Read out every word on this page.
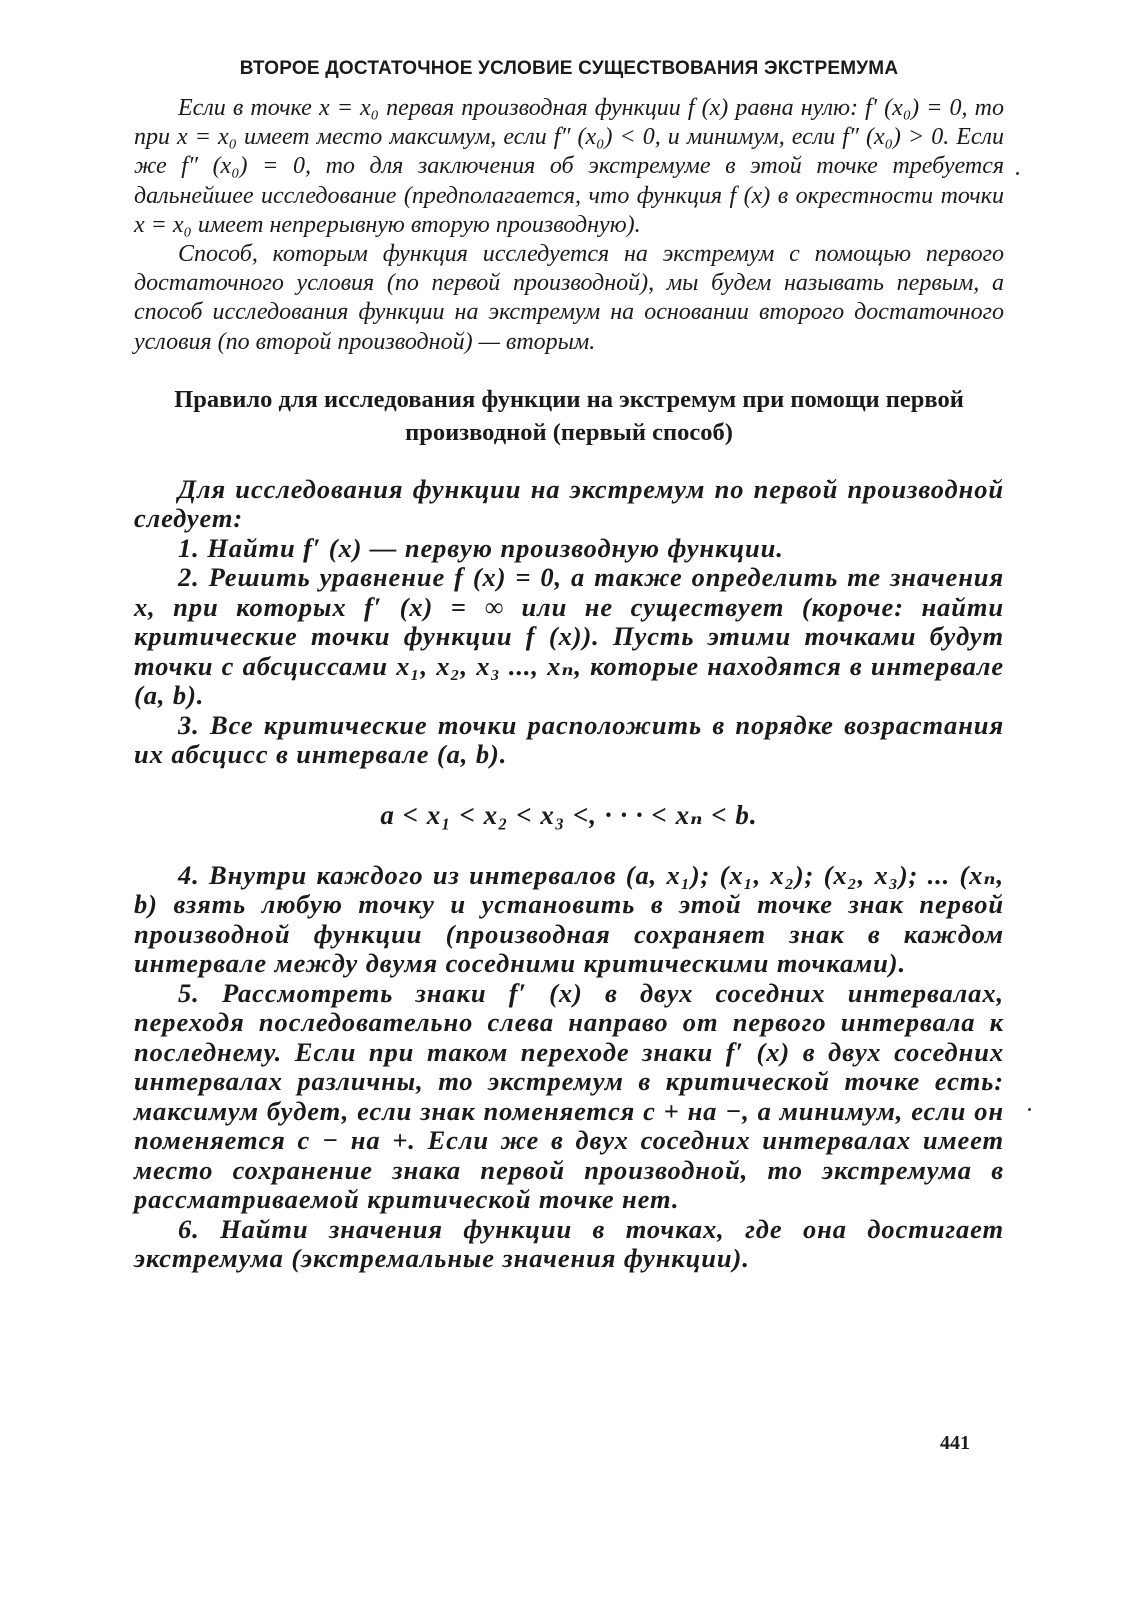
ВТОРОЕ ДОСТАТОЧНОЕ УСЛОВИЕ СУЩЕСТВОВАНИЯ ЭКСТРЕМУМА

Если в точке x = x₀ первая производная функции f (x) равна нулю: f′ (x₀) = 0, то при x = x₀ имеет место максимум, если f″ (x₀) < 0, и минимум, если f″ (x₀) > 0. Если же f″ (x₀) = 0, то для заключения об экстремуме в этой точке требуется дальнейшее исследование (предполагается, что функция f (x) в окрестности точки x = x₀ имеет непрерывную вторую производную).

Способ, которым функция исследуется на экстремум с помощью первого достаточного условия (по первой производной), мы будем называть первым, а способ исследования функции на экстремум на основании второго достаточного условия (по второй производной) — вторым.

Правило для исследования функции на экстремум при помощи первой производной (первый способ)

Для исследования функции на экстремум по первой производной следует:

1. Найти f′ (x) — первую производную функции.

2. Решить уравнение f (x) = 0, а также определить те значения x, при которых f′ (x) = ∞ или не существует (короче: найти критические точки функции f (x)). Пусть этими точками будут точки с абсциссами x₁, x₂, x₃ ..., xₙ, которые находятся в интервале (a, b).

3. Все критические точки расположить в порядке возрастания их абсцисс в интервале (a, b).

a < x₁ < x₂ < x₃ <, · · · < xₙ < b.

4. Внутри каждого из интервалов (a, x₁); (x₁, x₂); (x₂, x₃); ... (xₙ, b) взять любую точку и установить в этой точке знак первой производной функции (производная сохраняет знак в каждом интервале между двумя соседними критическими точками).

5. Рассмотреть знаки f′ (x) в двух соседних интервалах, переходя последовательно слева направо от первого интервала к последнему. Если при таком переходе знаки f′ (x) в двух соседних интервалах различны, то экстремум в критической точке есть: максимум будет, если знак поменяется с + на −, а минимум, если он поменяется с − на +. Если же в двух соседних интервалах имеет место сохранение знака первой производной, то экстремума в рассматриваемой критической точке нет.

6. Найти значения функции в точках, где она достигает экстремума (экстремальные значения функции).

441
